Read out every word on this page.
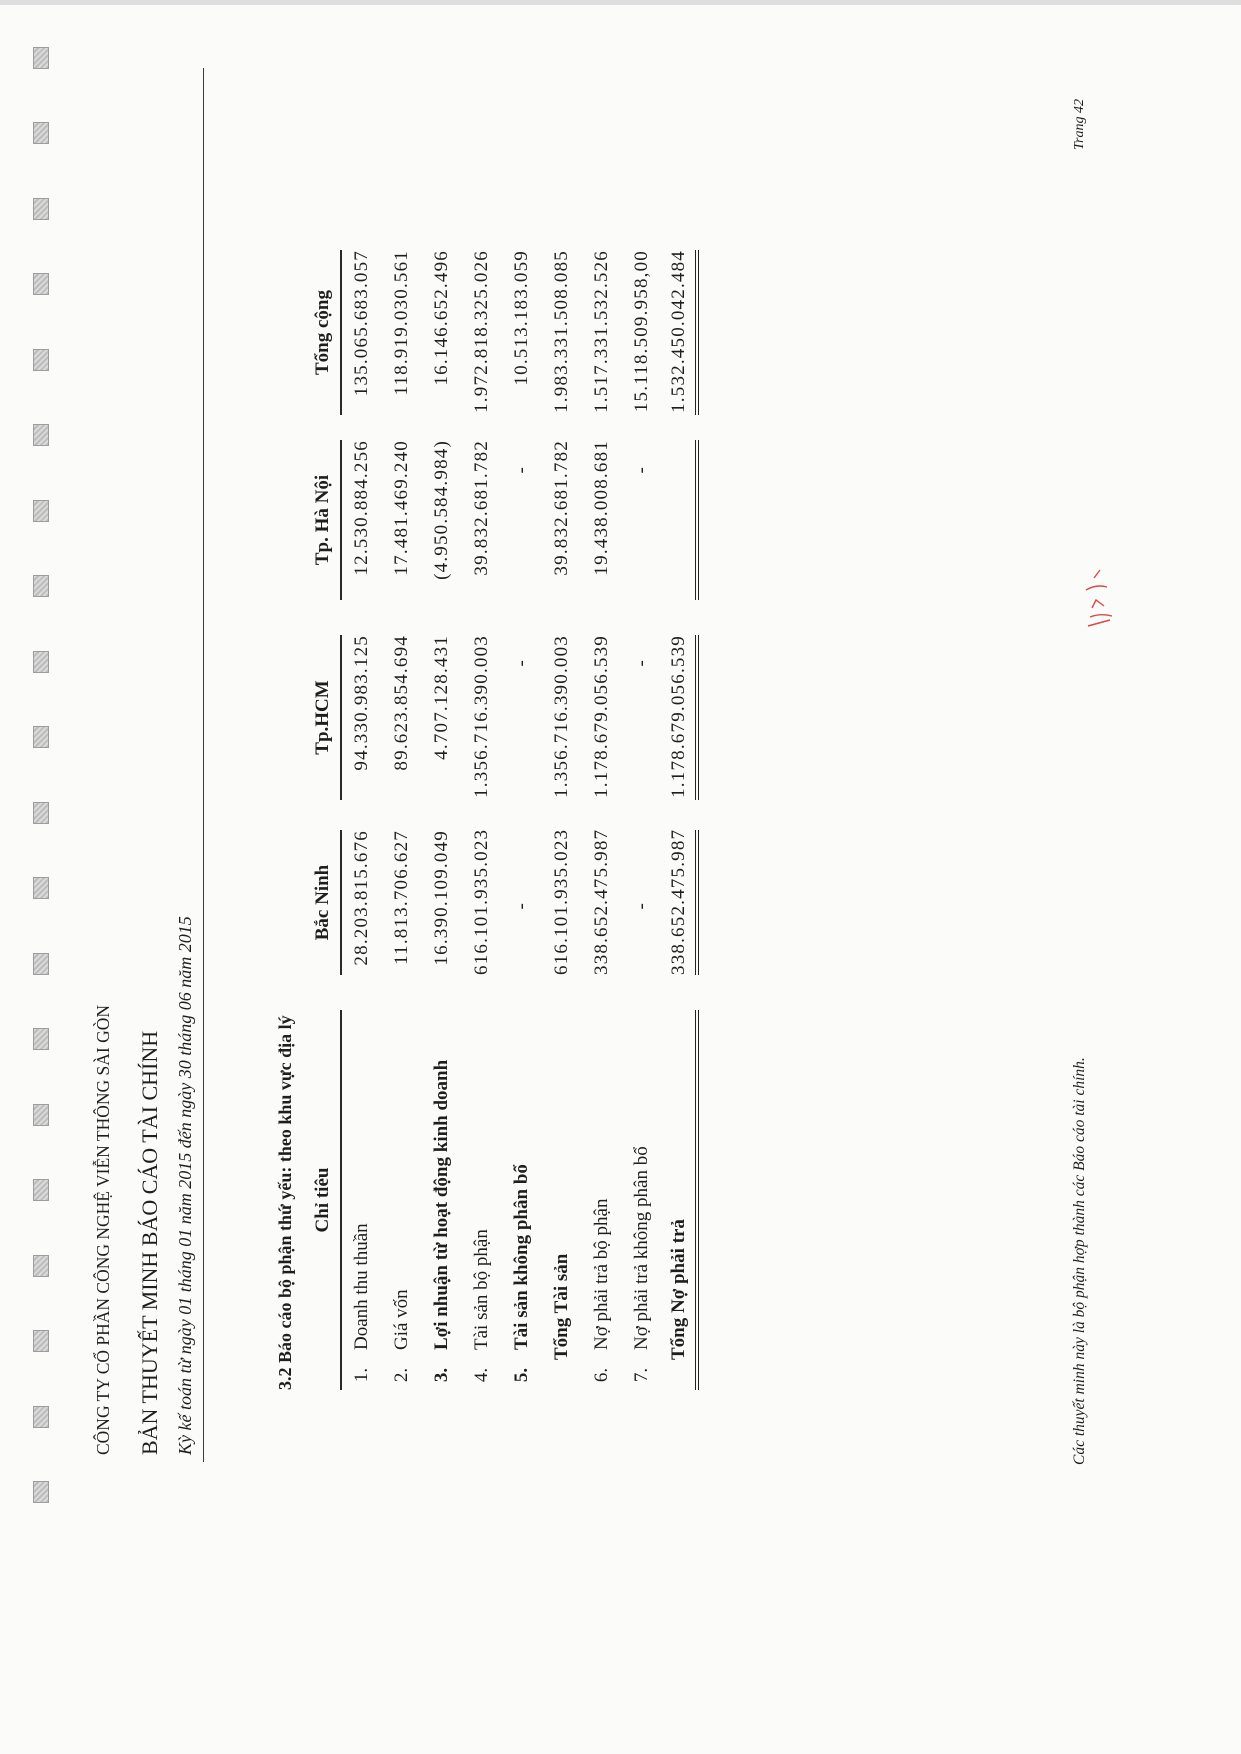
CÔNG TY CỔ PHẦN CÔNG NGHỆ VIỄN THÔNG SÀI GÒN BẢN THUYẾT MINH BÁO CÁO TÀI CHÍNH Kỳ kế toán từ ngày 01 tháng 01 năm 2015 đến ngày 30 tháng 06 năm 2015
Trang 42
3.2 Báo cáo bộ phận thứ yếu: theo khu vực địa lý Chỉ tiêu			Bắc Ninh		Tp.HCM		Tp. Hà Nội		Tổng cộng
1.	Doanh thu thuần		28.203.815.676		94.330.983.125		12.530.884.256		135.065.683.057
2.	Giá vốn		11.813.706.627		89.623.854.694		17.481.469.240		118.919.030.561
3.	Lợi nhuận từ hoạt động kinh doanh		16.390.109.049		4.707.128.431		(4.950.584.984)		16.146.652.496
4.	Tài sản bộ phận		616.101.935.023		1.356.716.390.003		39.832.681.782		1.972.818.325.026
5.	Tài sản không phân bổ		-		-		-		10.513.183.059
	Tổng Tài sản		616.101.935.023		1.356.716.390.003		39.832.681.782		1.983.331.508.085
6.	Nợ phải trả bộ phận		338.652.475.987		1.178.679.056.539		19.438.008.681		1.517.331.532.526
7.	Nợ phải trả không phân bổ		-		-		-		15.118.509.958,00
	Tổng Nợ phải trả		338.652.475.987		1.178.679.056.539				1.532.450.042.484
Các thuyết minh này là bộ phận hợp thành các Báo cáo tài chính.
